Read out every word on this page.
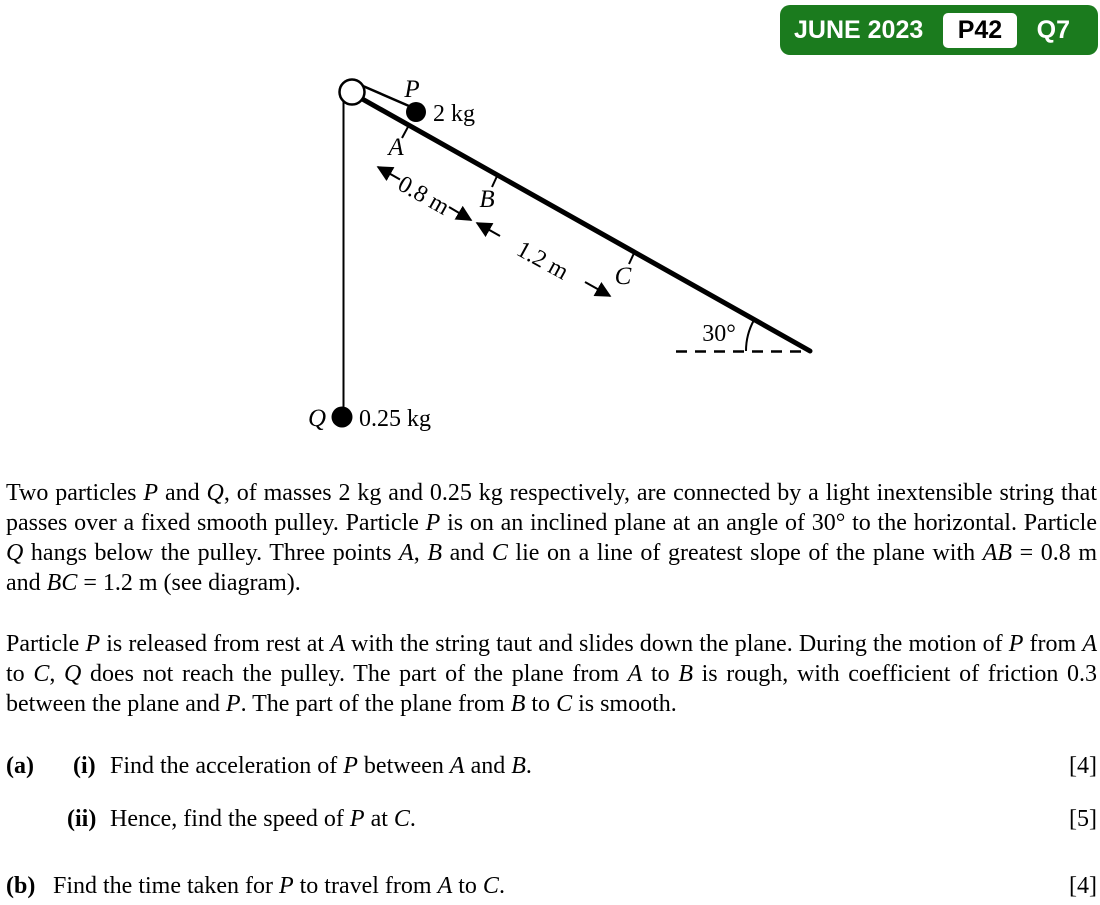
0.8 m
1.2 m
30°
P
2 kg
A
B
C
Q 0.25 kg
JUNE 2023	P42	Q7

Two particles P and Q, of masses 2 kg and 0.25 kg respectively, are connected by a light inextensible string that passes over a fixed smooth pulley. Particle P is on an inclined plane at an angle of 30° to the horizontal. Particle Q hangs below the pulley. Three points A, B and C lie on a line of greatest slope of the plane with AB = 0.8 m and BC = 1.2 m (see diagram).

Particle P is released from rest at A with the string taut and slides down the plane. During the motion of P from A to C, Q does not reach the pulley. The part of the plane from A to B is rough, with coefficient of friction 0.3 between the plane and P. The part of the plane from B to C is smooth.

(a)	(i) Find the acceleration of P between A and B.	[4]
(ii) Hence, find the speed of P at C.	[5]
(b) Find the time taken for P to travel from A to C.	[4]
